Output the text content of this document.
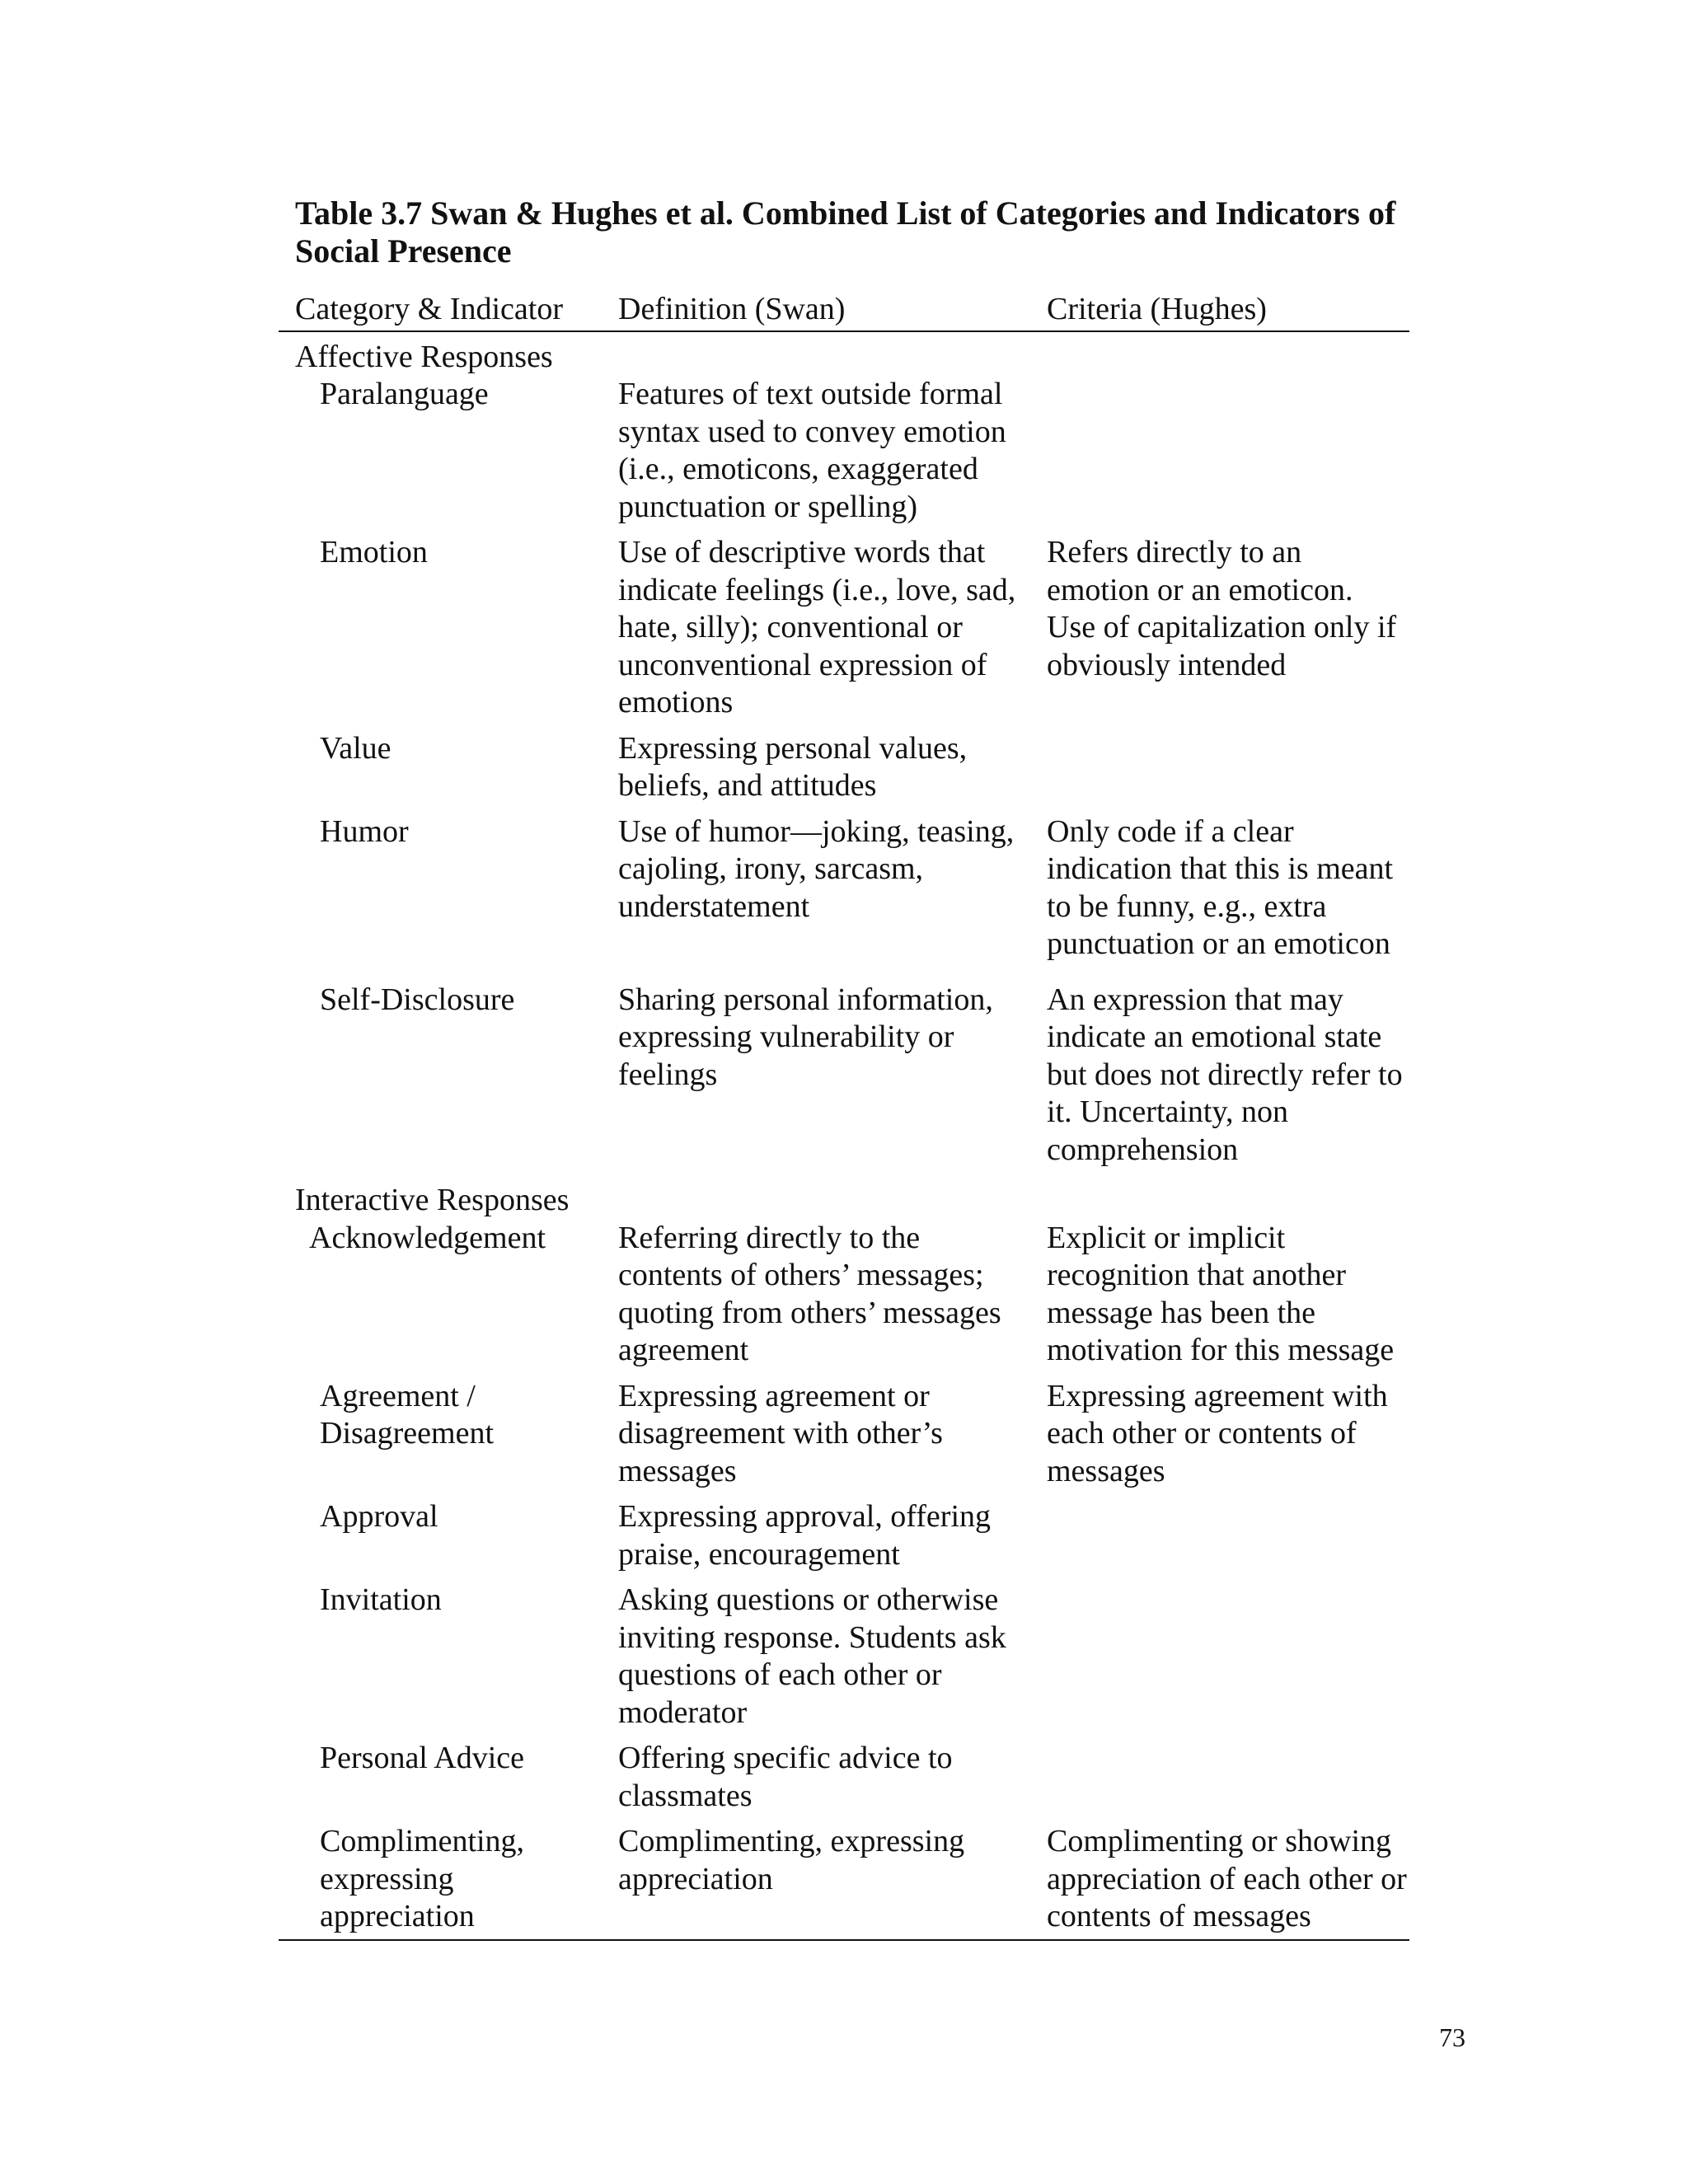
Table 3.7 Swan & Hughes et al. Combined List of Categories and Indicators of Social Presence
Category & Indicator	Definition (Swan)	Criteria (Hughes)
Affective Responses		
Paralanguage	Features of text outside formal syntax used to convey emotion (i.e., emoticons, exaggerated punctuation or spelling)	
Emotion	Use of descriptive words that indicate feelings (i.e., love, sad, hate, silly); conventional or unconventional expression of emotions	Refers directly to an emotion or an emoticon. Use of capitalization only if obviously intended
Value	Expressing personal values, beliefs, and attitudes	
Humor	Use of humor—joking, teasing, cajoling, irony, sarcasm, understatement	Only code if a clear indication that this is meant to be funny, e.g., extra punctuation or an emoticon
Self-Disclosure	Sharing personal information, expressing vulnerability or feelings	An expression that may indicate an emotional state but does not directly refer to it. Uncertainty, non comprehension
Interactive Responses		
Acknowledgement	Referring directly to the contents of others’ messages; quoting from others’ messages agreement	Explicit or implicit recognition that another message has been the motivation for this message
Agreement / Disagreement	Expressing agreement or disagreement with other’s messages	Expressing agreement with each other or contents of messages
Approval	Expressing approval, offering praise, encouragement	
Invitation	Asking questions or otherwise inviting response. Students ask questions of each other or moderator	
Personal Advice	Offering specific advice to classmates	
Complimenting, expressing appreciation	Complimenting, expressing appreciation	Complimenting or showing appreciation of each other or contents of messages
73
